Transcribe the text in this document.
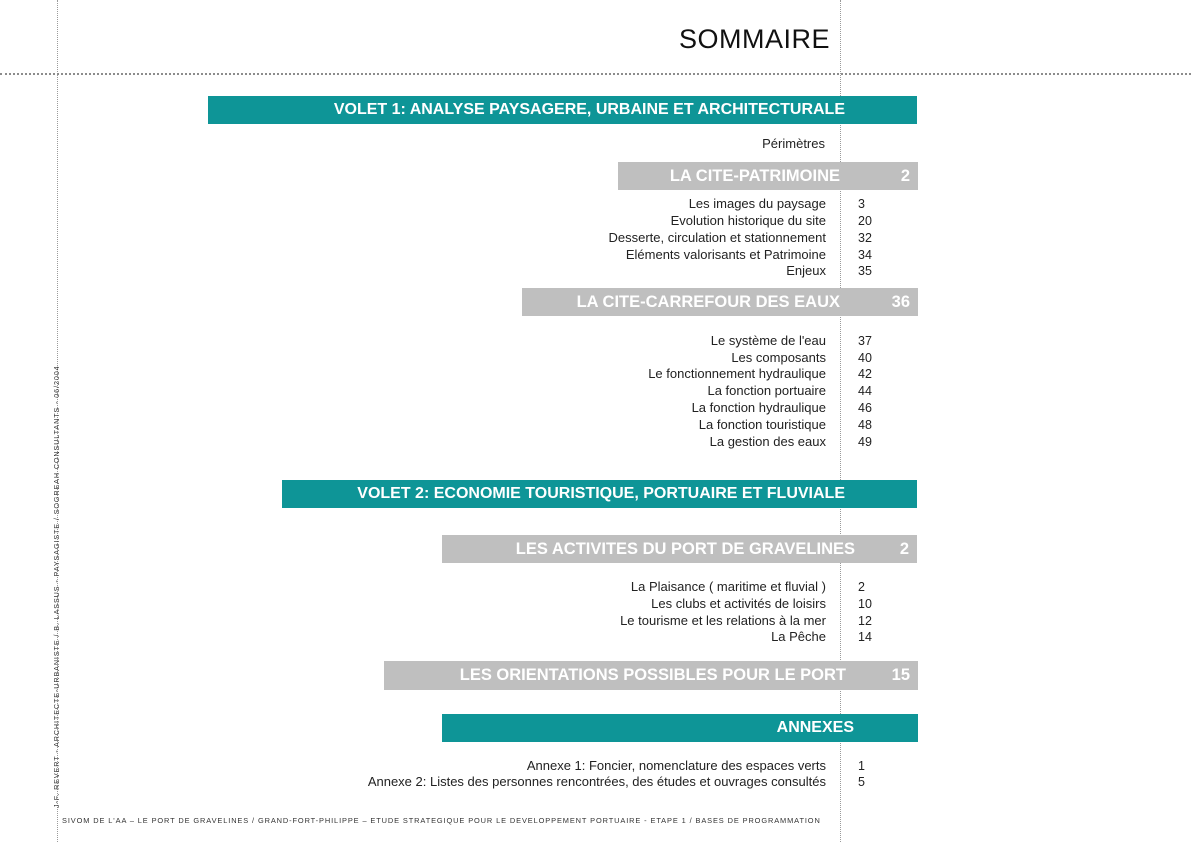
SOMMAIRE
VOLET 1: ANALYSE PAYSAGERE, URBAINE ET ARCHITECTURALE
Périmètres
LA CITE-PATRIMOINE	2
Les images du paysage	3
Evolution historique du site	20
Desserte, circulation et stationnement	32
Eléments valorisants et Patrimoine	34
Enjeux	35
LA CITE-CARREFOUR DES EAUX	36
Le système de l'eau	37
Les composants	40
Le fonctionnement hydraulique	42
La fonction portuaire	44
La fonction hydraulique	46
La fonction touristique	48
La gestion des eaux	49
VOLET 2: ECONOMIE TOURISTIQUE, PORTUAIRE ET FLUVIALE
LES ACTIVITES DU PORT DE GRAVELINES	2
La Plaisance ( maritime et fluvial )	2
Les clubs et activités de loisirs	10
Le tourisme et les relations à la mer	12
La Pêche	14
LES ORIENTATIONS POSSIBLES POUR LE PORT	15
ANNEXES
Annexe 1: Foncier, nomenclature des espaces verts	1
Annexe 2: Listes des personnes rencontrées, des études et ouvrages consultés	5
J-F. REVERT - ARCHITECTE-URBANISTE / B. LASSUS - PAYSAGISTE / SOGREAH CONSULTANTS - 06/2004
SIVOM DE L'AA – LE PORT DE GRAVELINES / GRAND-FORT-PHILIPPE – ETUDE STRATEGIQUE POUR LE DEVELOPPEMENT PORTUAIRE - ETAPE 1 / BASES DE PROGRAMMATION
